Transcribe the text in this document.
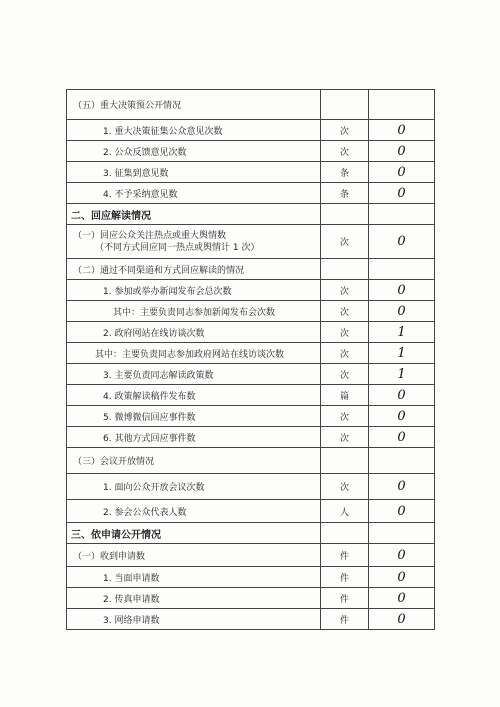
（五）重大决策预公开情况		
1. 重大决策征集公众意见次数	次	0
2. 公众反馈意见次数	次	0
3. 征集到意见数	条	0
4. 不予采纳意见数	条	0
二、回应解读情况		

（一）回应公众关注热点或重大舆情数
（不同方式回应同一热点或舆情计 1 次）	次	0
（二）通过不同渠道和方式回应解读的情况		
1. 参加或举办新闻发布会总次数	次	0
其中：主要负责同志参加新闻发布会次数	次	0
2. 政府网站在线访谈次数	次	1
其中：主要负责同志参加政府网站在线访谈次数	次	1
3. 主要负责同志解读政策数	次	1
4. 政策解读稿件发布数	篇	0
5. 微博微信回应事件数	次	0
6. 其他方式回应事件数	次	0
（三）会议开放情况		
1. 面向公众开放会议次数	次	0
2. 参会公众代表人数	人	0
三、依申请公开情况		
（一）收到申请数	件	0
1. 当面申请数	件	0
2. 传真申请数	件	0
3. 网络申请数	件	0
